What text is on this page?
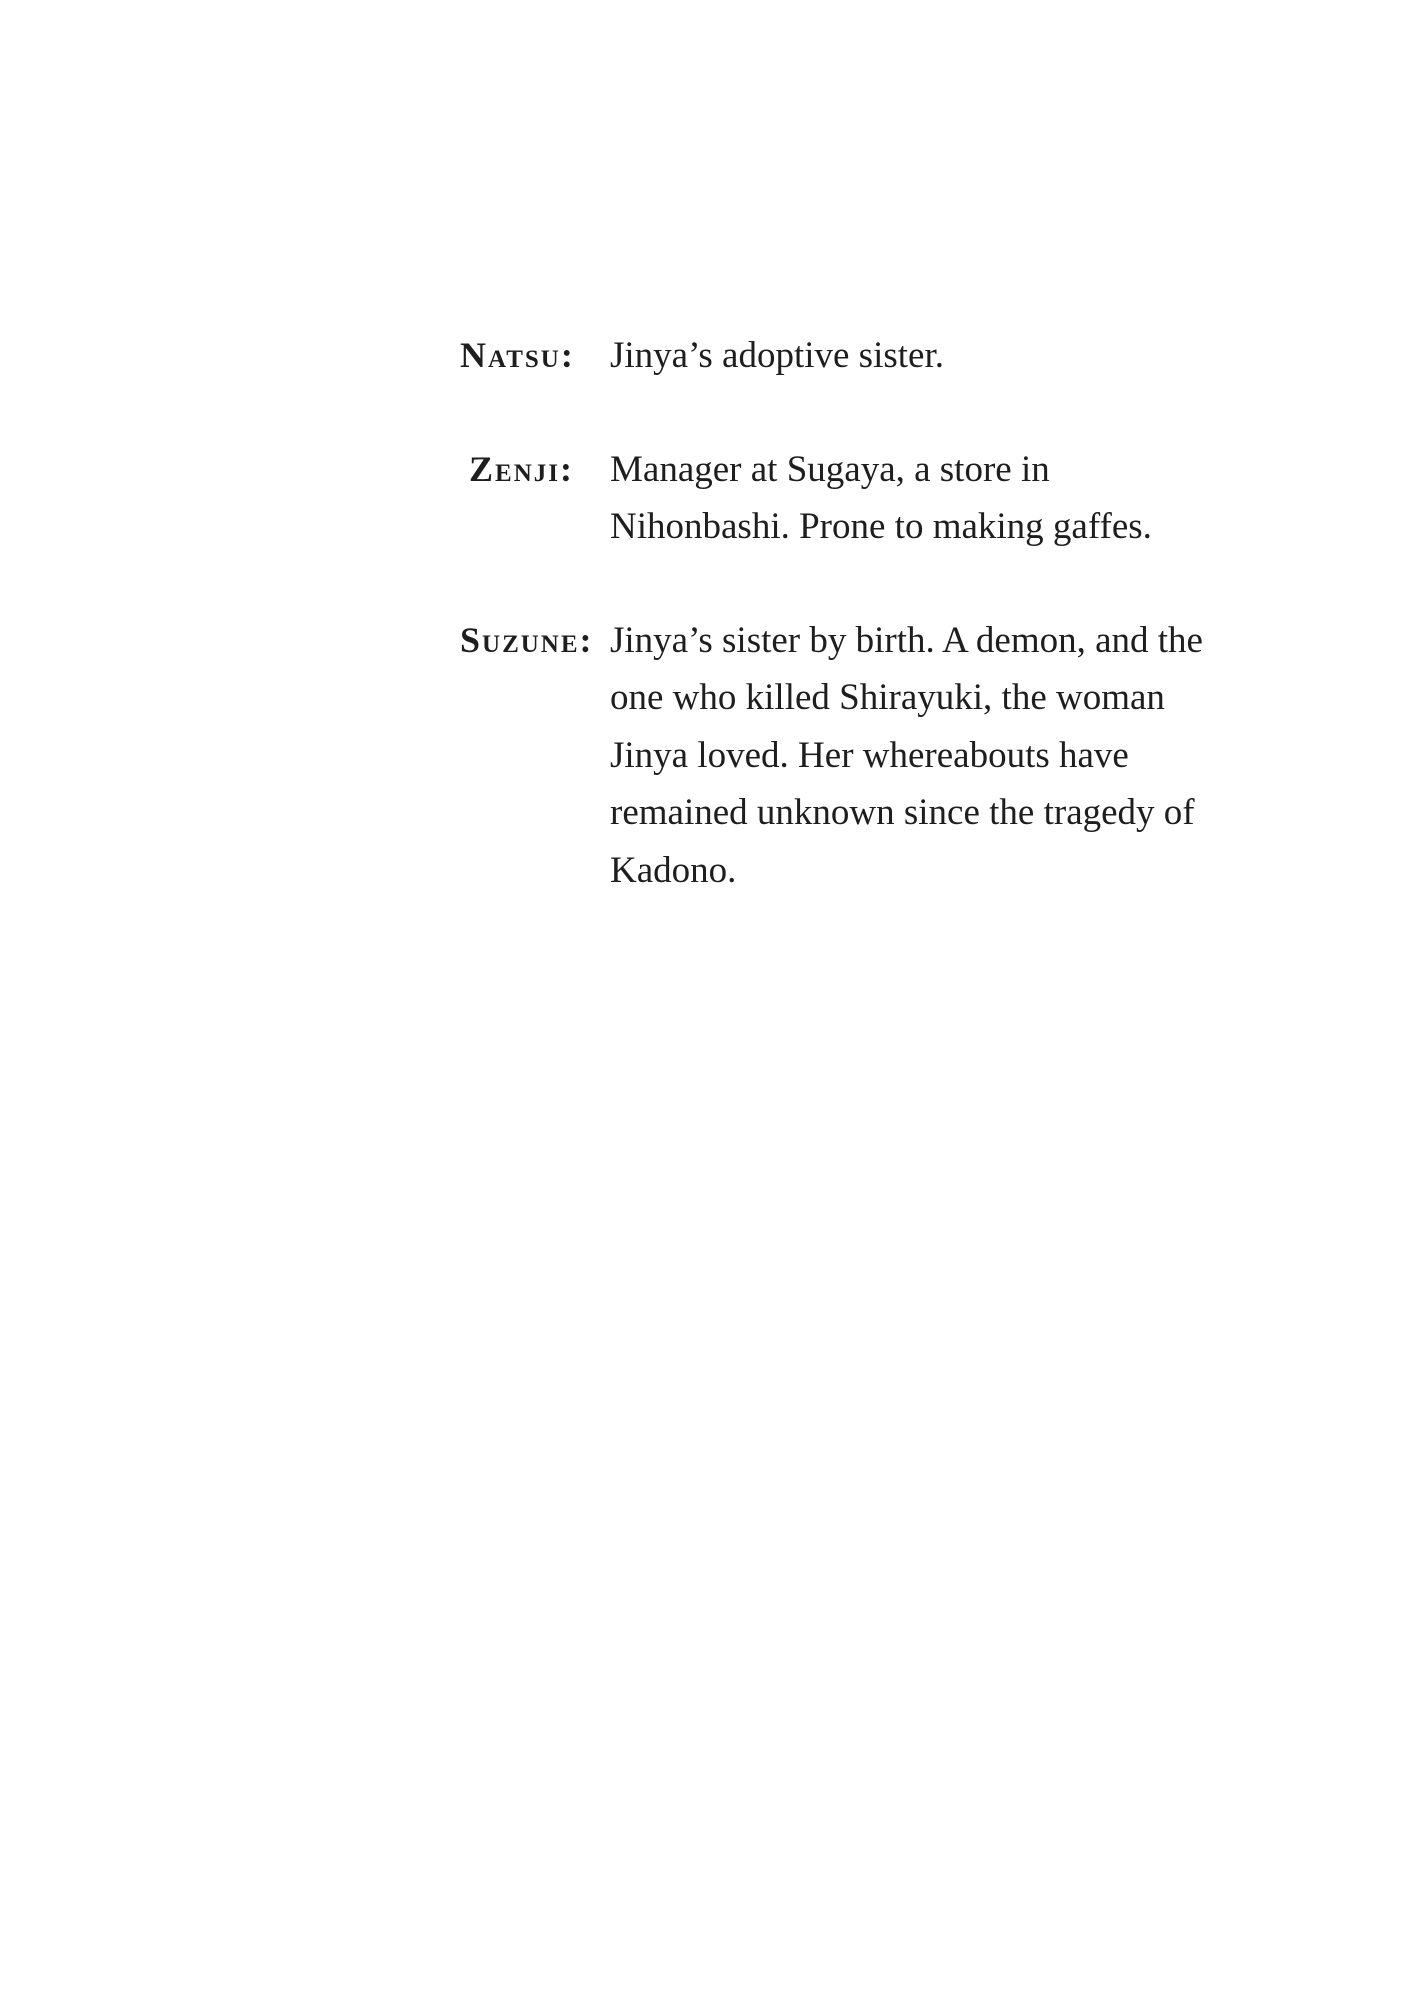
Natsu: Jinya’s adoptive sister.
Zenji: Manager at Sugaya, a store in Nihonbashi. Prone to making gaffes.
Suzune: Jinya’s sister by birth. A demon, and the one who killed Shirayuki, the woman Jinya loved. Her whereabouts have remained unknown since the tragedy of Kadono.
